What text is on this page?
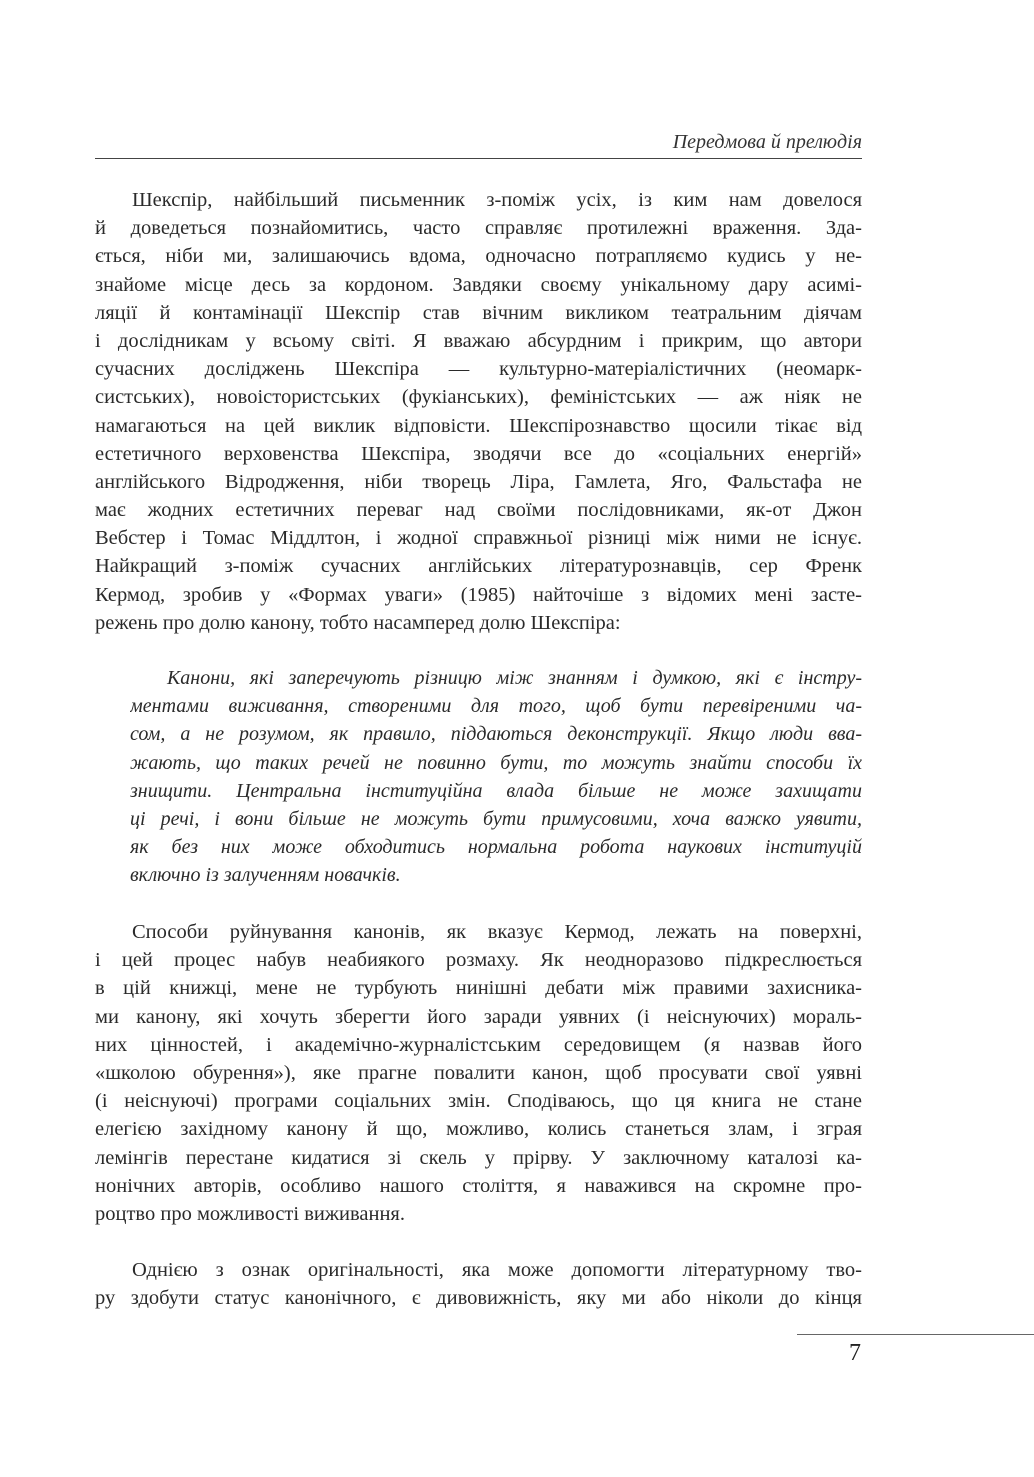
Передмова й прелюдія
Шекспір, найбільший письменник з-поміж усіх, із ким нам довелося
й доведеться познайомитись, часто справляє протилежні враження. Зда-
ється, ніби ми, залишаючись вдома, одночасно потрапляємо кудись у не-
знайоме місце десь за кордоном. Завдяки своєму унікальному дару асимі-
ляції й контамінації Шекспір став вічним викликом театральним діячам
і дослідникам у всьому світі. Я вважаю абсурдним і прикрим, що автори
сучасних досліджень Шекспіра — культурно-матеріалістичних (неомарк-
систських), новоістористських (фукіанських), феміністських — аж ніяк не
намагаються на цей виклик відповісти. Шекспірознавство щосили тікає від
естетичного верховенства Шекспіра, зводячи все до «соціальних енергій»
англійського Відродження, ніби творець Ліра, Гамлета, Яго, Фальстафа не
має жодних естетичних переваг над своїми послідовниками, як-от Джон
Вебстер і Томас Міддлтон, і жодної справжньої різниці між ними не існує.
Найкращий з-поміж сучасних англійських літературознавців, сер Френк
Кермод, зробив у «Формах уваги» (1985) найточіше з відомих мені засте-
режень про долю канону, тобто насамперед долю Шекспіра:
Канони, які заперечують різницю між знанням і думкою, які є інстру-
ментами виживання, створеними для того, щоб бути перевіреними ча-
сом, а не розумом, як правило, піддаються деконструкції. Якщо люди вва-
жають, що таких речей не повинно бути, то можуть знайти способи їх
знищити. Центральна інституційна влада більше не може захищати
ці речі, і вони більше не можуть бути примусовими, хоча важко уявити,
як без них може обходитись нормальна робота наукових інституцій
включно із залученням новачків.
Способи руйнування канонів, як вказує Кермод, лежать на поверхні,
і цей процес набув неабиякого розмаху. Як неодноразово підкреслюється
в цій книжці, мене не турбують нинішні дебати між правими захисника-
ми канону, які хочуть зберегти його заради уявних (і неіснуючих) мораль-
них цінностей, і академічно-журналістським середовищем (я назвав його
«школою обурення»), яке прагне повалити канон, щоб просувати свої уявні
(і неіснуючі) програми соціальних змін. Сподіваюсь, що ця книга не стане
елегією західному канону й що, можливо, колись станеться злам, і зграя
лемінгів перестане кидатися зі скель у прірву. У заключному каталозі ка-
нонічних авторів, особливо нашого століття, я наважився на скромне про-
роцтво про можливості виживання.
Однією з ознак оригінальності, яка може допомогти літературному тво-
ру здобути статус канонічного, є дивовижність, яку ми або ніколи до кінця
7
